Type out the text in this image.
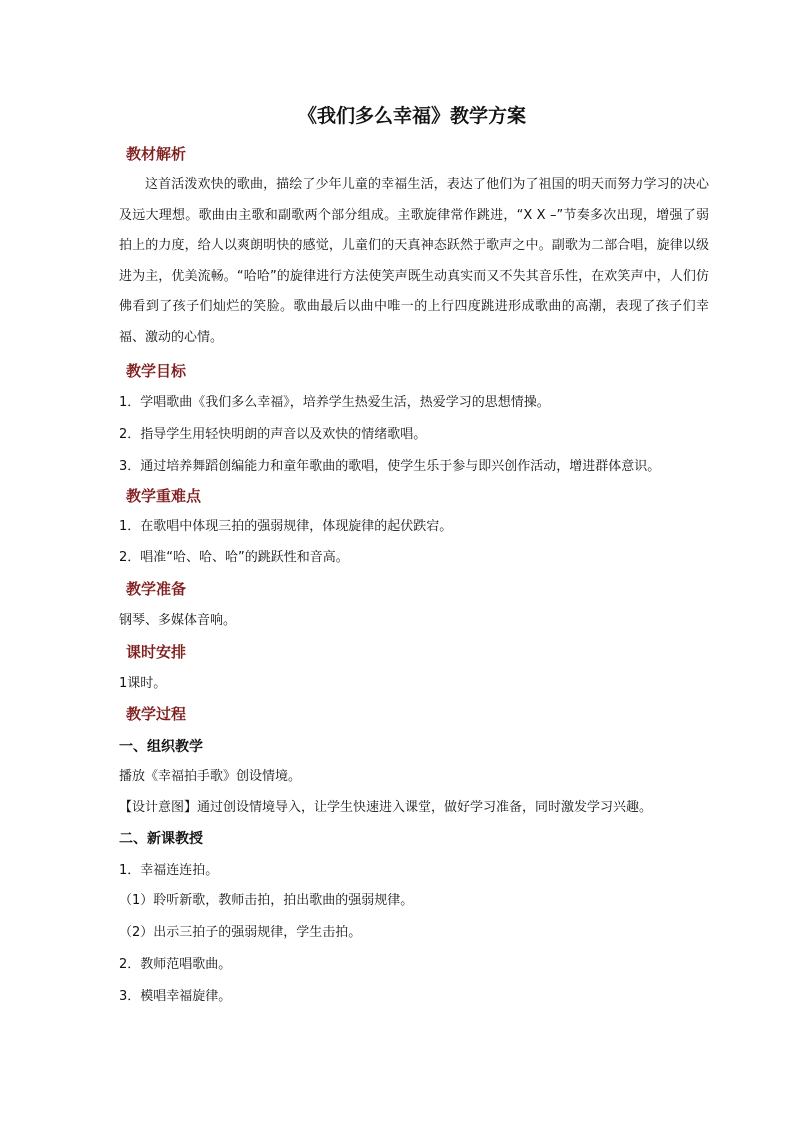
《我们多么幸福》教学方案
教材解析
这首活泼欢快的歌曲，描绘了少年儿童的幸福生活，表达了他们为了祖国的明天而努力学习的决心及远大理想。歌曲由主歌和副歌两个部分组成。主歌旋律常作跳进，“X X –”节奏多次出现，增强了弱拍上的力度，给人以爽朗明快的感觉，儿童们的天真神态跃然于歌声之中。副歌为二部合唱，旋律以级进为主，优美流畅。“哈哈”的旋律进行方法使笑声既生动真实而又不失其音乐性，在欢笑声中，人们仿佛看到了孩子们灿烂的笑脸。歌曲最后以曲中唯一的上行四度跳进形成歌曲的高潮，表现了孩子们幸福、激动的心情。
教学目标
1．学唱歌曲《我们多么幸福》，培养学生热爱生活，热爱学习的思想情操。
2．指导学生用轻快明朗的声音以及欢快的情绪歌唱。
3．通过培养舞蹈创编能力和童年歌曲的歌唱，使学生乐于参与即兴创作活动，增进群体意识。
教学重难点
1．在歌唱中体现三拍的强弱规律，体现旋律的起伏跌宕。
2．唱准“哈、哈、哈”的跳跃性和音高。
教学准备
钢琴、多媒体音响。
课时安排
1课时。
教学过程
一、组织教学
播放《幸福拍手歌》创设情境。
【设计意图】通过创设情境导入，让学生快速进入课堂，做好学习准备，同时激发学习兴趣。
二、新课教授
1．幸福连连拍。
（1）聆听新歌，教师击拍，拍出歌曲的强弱规律。
（2）出示三拍子的强弱规律，学生击拍。
2．教师范唱歌曲。
3．模唱幸福旋律。
